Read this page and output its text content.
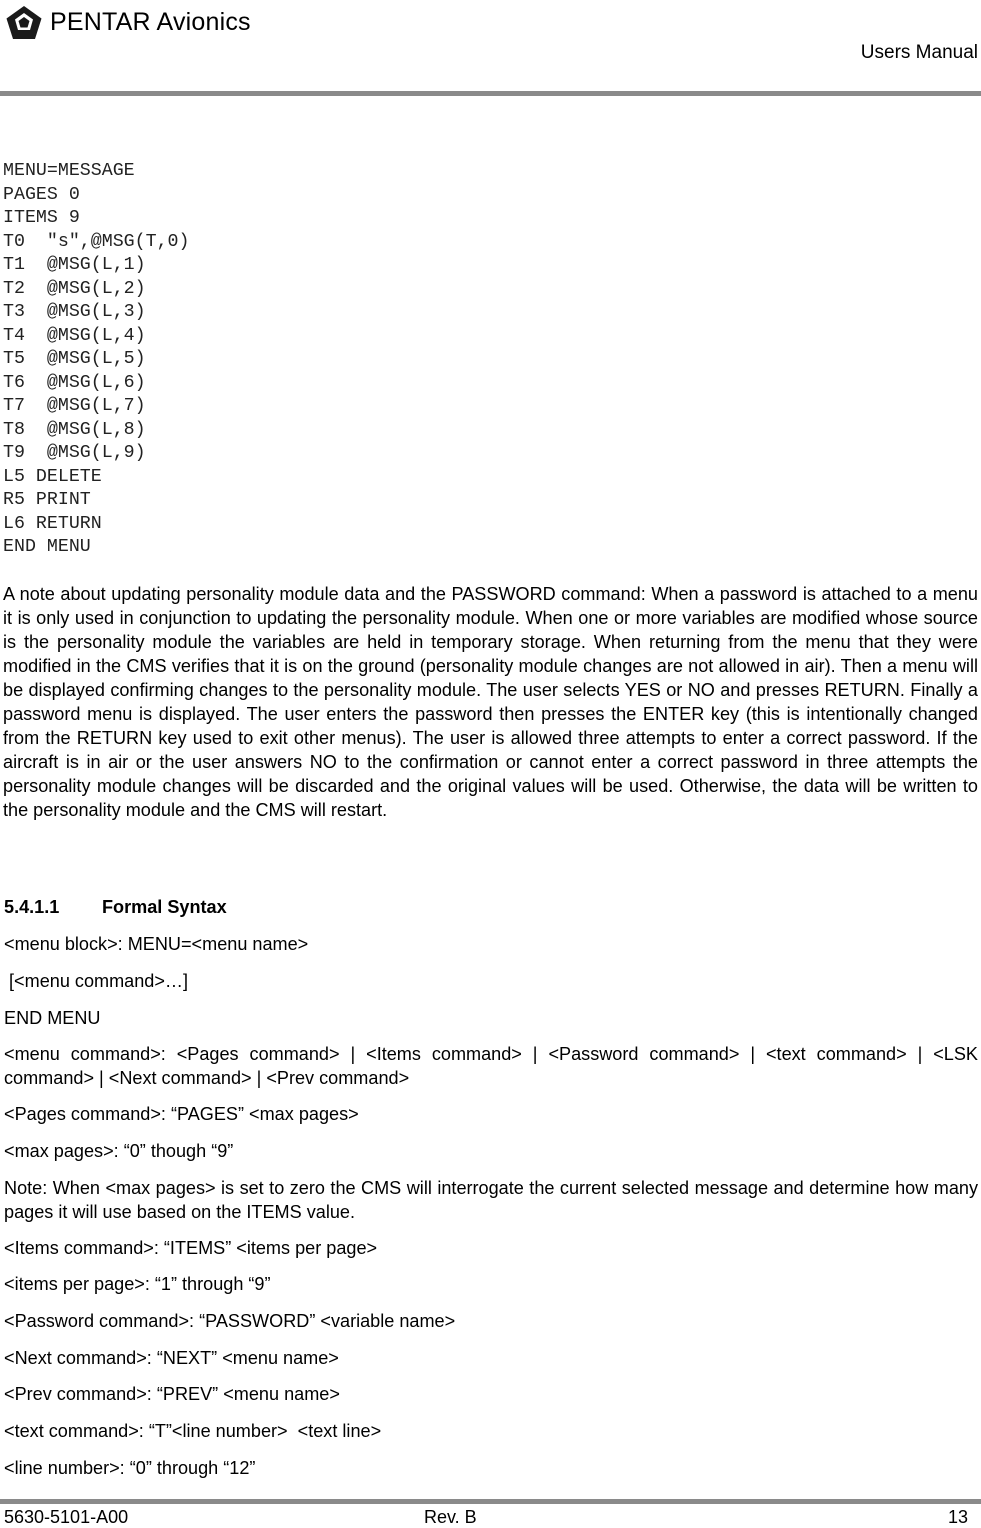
PENTAR Avionics
Users Manual
MENU=MESSAGE
PAGES 0
ITEMS 9
T0  "s",@MSG(T,0)
T1  @MSG(L,1)
T2  @MSG(L,2)
T3  @MSG(L,3)
T4  @MSG(L,4)
T5  @MSG(L,5)
T6  @MSG(L,6)
T7  @MSG(L,7)
T8  @MSG(L,8)
T9  @MSG(L,9)
L5 DELETE
R5 PRINT
L6 RETURN
END MENU

A note about updating personality module data and the PASSWORD command: When a password is attached to a menu it is only used in conjunction to updating the personality module. When one or more variables are modified whose source is the personality module the variables are held in temporary storage. When returning from the menu that they were modified in the CMS verifies that it is on the ground (personality module changes are not allowed in air). Then a menu will be displayed confirming changes to the personality module. The user selects YES or NO and presses RETURN. Finally a password menu is displayed. The user enters the password then presses the ENTER key (this is intentionally changed from the RETURN key used to exit other menus). The user is allowed three attempts to enter a correct password. If the aircraft is in air or the user answers NO to the confirmation or cannot enter a correct password in three attempts the personality module changes will be discarded and the original values will be used. Otherwise, the data will be written to the personality module and the CMS will restart.

5.4.1.1 Formal Syntax

<menu block>: MENU=<menu name>

[<menu command>…]

END MENU

<menu command>: <Pages command> | <Items command> | <Password command> | <text command> | <LSK command> | <Next command> | <Prev command>

<Pages command>: “PAGES” <max pages>

<max pages>: “0” though “9”

Note: When <max pages> is set to zero the CMS will interrogate the current selected message and determine how many pages it will use based on the ITEMS value.

<Items command>: “ITEMS” <items per page>

<items per page>: “1” through “9”

<Password command>: “PASSWORD” <variable name>

<Next command>: “NEXT” <menu name>

<Prev command>: “PREV” <menu name>

<text command>: “T”<line number>  <text line>

<line number>: “0” through “12”

5630-5101-A00	Rev. B	13
